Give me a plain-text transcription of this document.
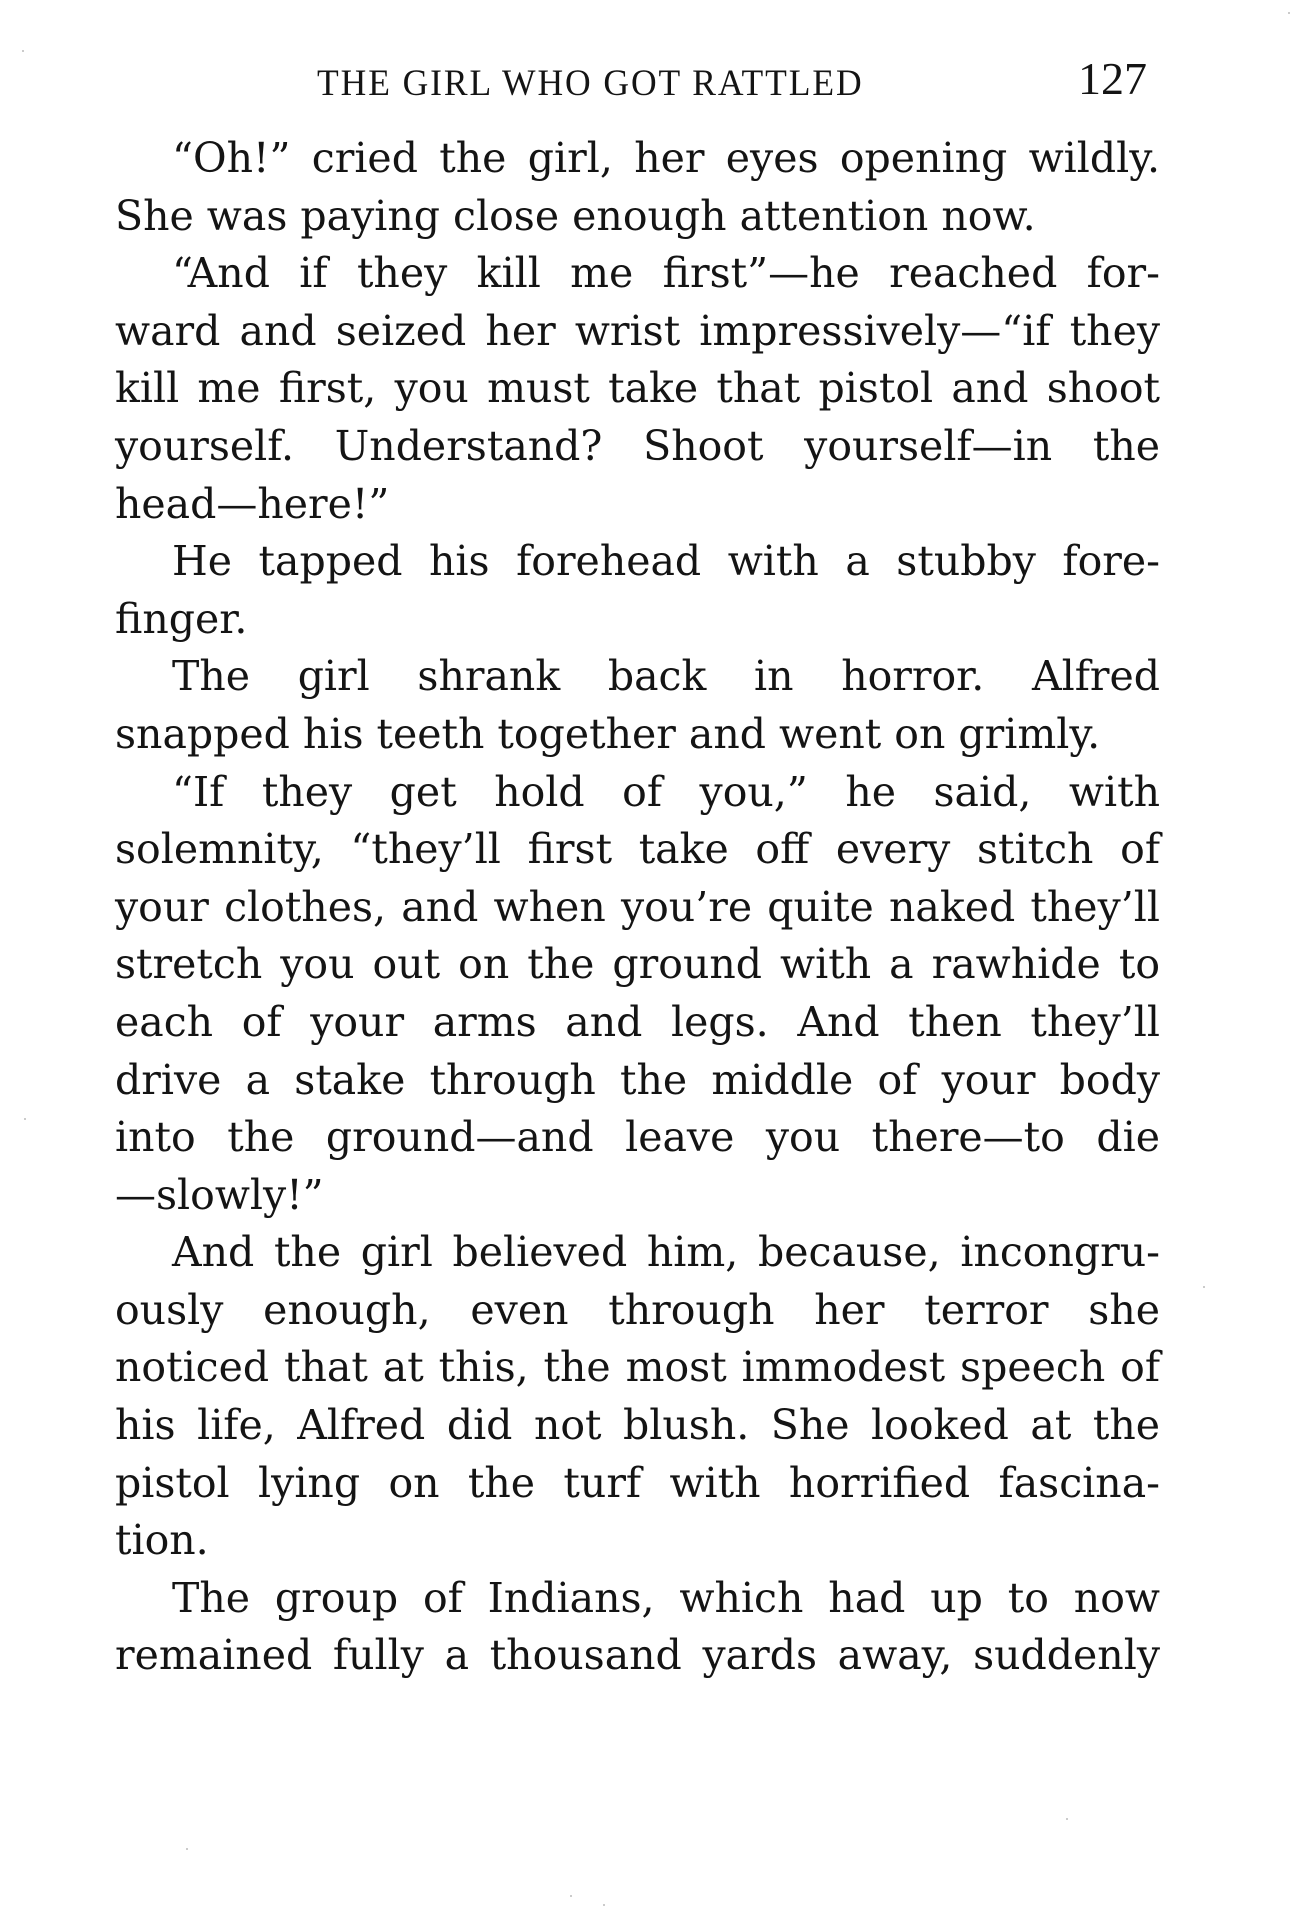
THE GIRL WHO GOT RATTLED	127

“Oh!” cried the girl, her eyes opening wildly.
She was paying close enough attention now.

“And if they kill me first”—he reached for-
ward and seized her wrist impressively—“if they
kill me first, you must take that pistol and shoot
yourself. Understand? Shoot yourself—in the
head—here!”

He tapped his forehead with a stubby fore-
finger.

The girl shrank back in horror. Alfred
snapped his teeth together and went on grimly.

“If they get hold of you,” he said, with
solemnity, “they’ll first take off every stitch of
your clothes, and when you’re quite naked they’ll
stretch you out on the ground with a rawhide to
each of your arms and legs. And then they’ll
drive a stake through the middle of your body
into the ground—and leave you there—to die
—slowly!”

And the girl believed him, because, incongru-
ously enough, even through her terror she
noticed that at this, the most immodest speech of
his life, Alfred did not blush. She looked at the
pistol lying on the turf with horrified fascina-
tion.

The group of Indians, which had up to now
remained fully a thousand yards away, suddenly
